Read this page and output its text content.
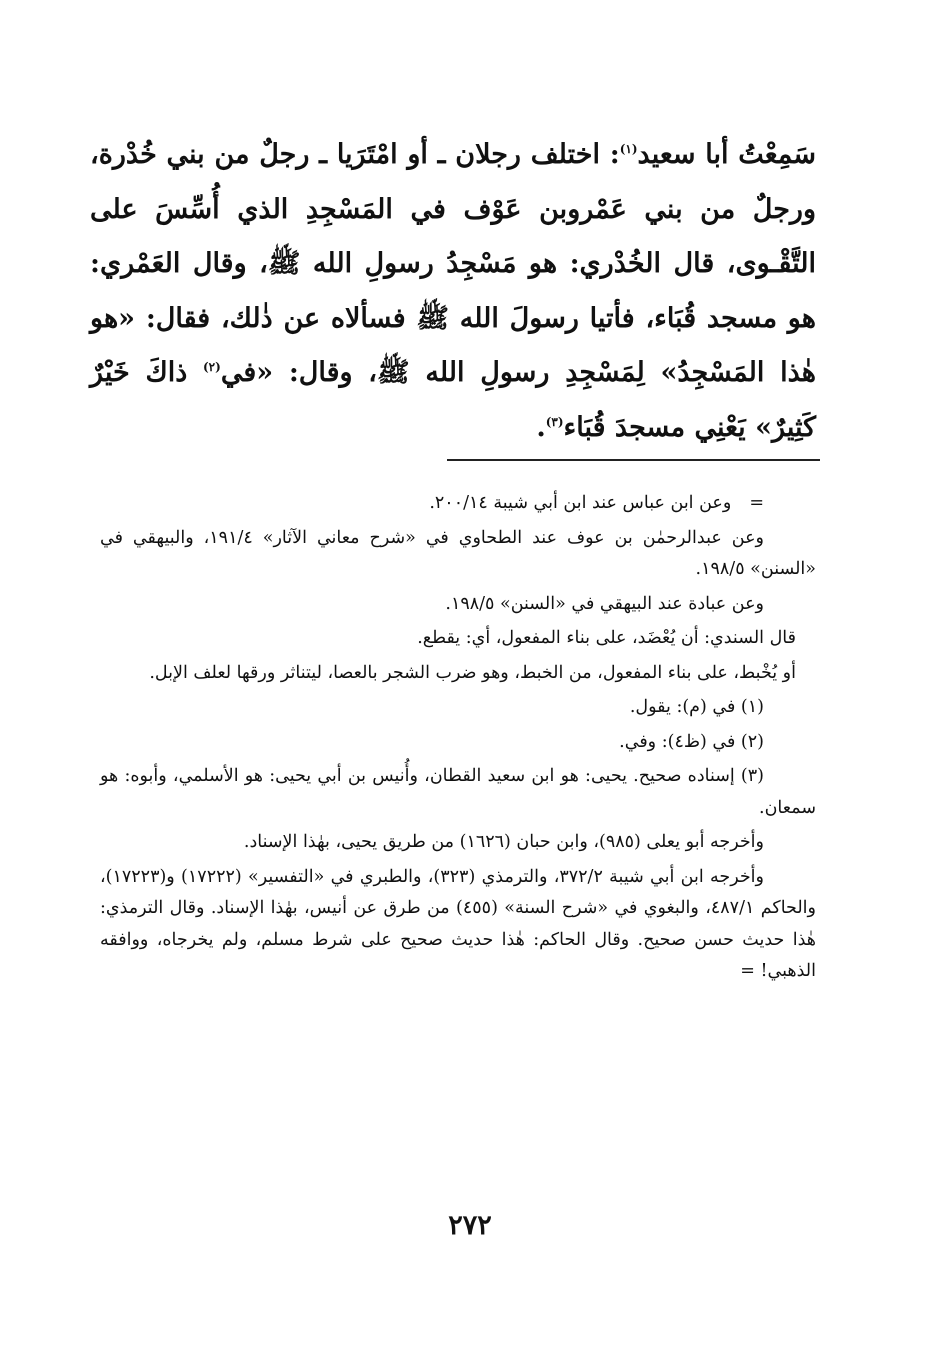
سَمِعْتُ أبا سعيد$^{(١)}$: اختلف رجلان ـ أو امْتَرَيا ـ رجلٌ من بني خُدْرة، ورجلٌ من بني عَمْروبن عَوْف في المَسْجِدِ الذي أُسِّسَ على التَّقْـوى، قال الخُدْري: هو مَسْجِدُ رسولِ الله ﷺ، وقال العَمْري: هو مسجد قُبَاء، فأتيا رسولَ الله ﷺ فسألاه عن ذٰلك، فقال: «هو هٰذا المَسْجِدُ» لِمَسْجِدِ رسولِ الله ﷺ، وقال: «في$^{(٢)}$ ذاكَ خَيْرٌ كَثِيرٌ» يَعْنِي مسجدَ قُبَاء$^{(٣)}$.

=وعن ابن عباس عند ابن أبي شيبة ٢٠٠/١٤.

وعن عبدالرحمٰن بن عوف عند الطحاوي في «شرح معاني الآثار» ١٩١/٤، والبيهقي في «السنن» ١٩٨/٥.

وعن عبادة عند البيهقي في «السنن» ١٩٨/٥.

قال السندي: أن يُعْضَد، على بناء المفعول، أي: يقطع.

أو يُخْبط، على بناء المفعول، من الخبط، وهو ضرب الشجر بالعصا، ليتناثر ورقها لعلف الإبل.

(١) في (م): يقول.

(٢) في (ظ٤): وفي.

(٣) إسناده صحيح. يحيى: هو ابن سعيد القطان، وأُنيس بن أبي يحيى: هو الأسلمي، وأبوه: هو سمعان.

وأخرجه أبو يعلى (٩٨٥)، وابن حبان (١٦٢٦) من طريق يحيى، بهٰذا الإسناد.

وأخرجه ابن أبي شيبة ٣٧٢/٢، والترمذي (٣٢٣)، والطبري في «التفسير» (١٧٢٢٢) و(١٧٢٢٣)، والحاكم ٤٨٧/١، والبغوي في «شرح السنة» (٤٥٥) من طرق عن أنيس، بهٰذا الإسناد. وقال الترمذي: هٰذا حديث حسن صحيح. وقال الحاكم: هٰذا حديث صحيح على شرط مسلم، ولم يخرجاه، ووافقه الذهبي! =

٢٧٢
